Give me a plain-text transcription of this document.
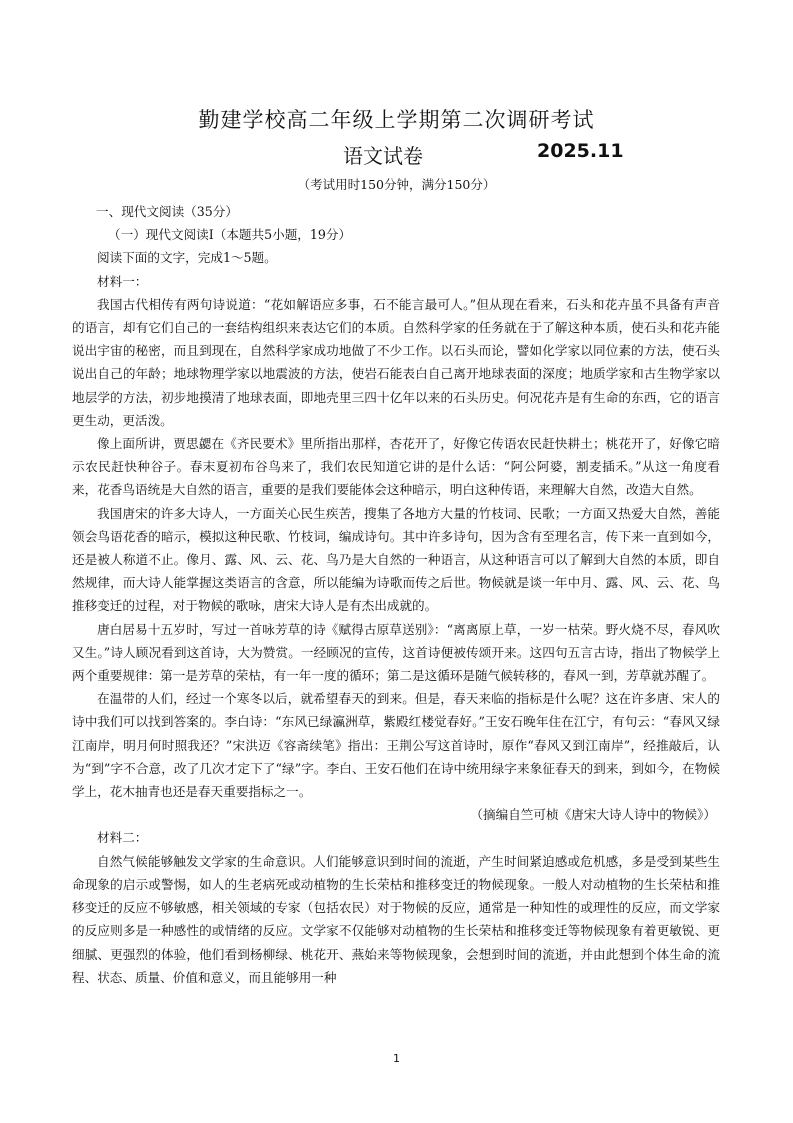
勤建学校高二年级上学期第二次调研考试
语文试卷	2025.11
（考试用时150分钟，满分150分）

一、现代文阅读（35分）

（一）现代文阅读Ⅰ（本题共5小题，19分）

阅读下面的文字，完成1～5题。

材料一：

我国古代相传有两句诗说道：“花如解语应多事，石不能言最可人。”但从现在看来，石头和花卉虽不具备有声音的语言，却有它们自己的一套结构组织来表达它们的本质。自然科学家的任务就在于了解这种本质，使石头和花卉能说出宇宙的秘密，而且到现在，自然科学家成功地做了不少工作。以石头而论，譬如化学家以同位素的方法，使石头说出自己的年龄；地球物理学家以地震波的方法，使岩石能表白自己离开地球表面的深度；地质学家和古生物学家以地层学的方法，初步地摸清了地球表面，即地壳里三四十亿年以来的石头历史。何况花卉是有生命的东西，它的语言更生动，更活泼。

像上面所讲，贾思勰在《齐民要术》里所指出那样，杏花开了，好像它传语农民赶快耕土；桃花开了，好像它暗示农民赶快种谷子。春末夏初布谷鸟来了，我们农民知道它讲的是什么话：“阿公阿婆，割麦插禾。”从这一角度看来，花香鸟语统是大自然的语言，重要的是我们要能体会这种暗示，明白这种传语，来理解大自然，改造大自然。

我国唐宋的许多大诗人，一方面关心民生疾苦，搜集了各地方大量的竹枝词、民歌；一方面又热爱大自然，善能领会鸟语花香的暗示，模拟这种民歌、竹枝词，编成诗句。其中许多诗句，因为含有至理名言，传下来一直到如今，还是被人称道不止。像月、露、风、云、花、鸟乃是大自然的一种语言，从这种语言可以了解到大自然的本质，即自然规律，而大诗人能掌握这类语言的含意，所以能编为诗歌而传之后世。物候就是谈一年中月、露、风、云、花、鸟推移变迁的过程，对于物候的歌咏，唐宋大诗人是有杰出成就的。

唐白居易十五岁时，写过一首咏芳草的诗《赋得古原草送别》：“离离原上草，一岁一枯荣。野火烧不尽，春风吹又生。”诗人顾况看到这首诗，大为赞赏。一经顾况的宣传，这首诗便被传颂开来。这四句五言古诗，指出了物候学上两个重要规律：第一是芳草的荣枯，有一年一度的循环；第二是这循环是随气候转移的，春风一到，芳草就苏醒了。

在温带的人们，经过一个寒冬以后，就希望春天的到来。但是，春天来临的指标是什么呢？这在许多唐、宋人的诗中我们可以找到答案的。李白诗：“东风已绿瀛洲草，紫殿红楼觉春好。”王安石晚年住在江宁，有句云：“春风又绿江南岸，明月何时照我还？”宋洪迈《容斋续笔》指出：王荆公写这首诗时，原作“春风又到江南岸”，经推敲后，认为“到”字不合意，改了几次才定下了“绿”字。李白、王安石他们在诗中统用绿字来象征春天的到来，到如今，在物候学上，花木抽青也还是春天重要指标之一。

（摘编自竺可桢《唐宋大诗人诗中的物候》）

材料二：

自然气候能够触发文学家的生命意识。人们能够意识到时间的流逝，产生时间紧迫感或危机感，多是受到某些生命现象的启示或警惕，如人的生老病死或动植物的生长荣枯和推移变迁的物候现象。一般人对动植物的生长荣枯和推移变迁的反应不够敏感，相关领域的专家（包括农民）对于物候的反应，通常是一种知性的或理性的反应，而文学家的反应则多是一种感性的或情绪的反应。文学家不仅能够对动植物的生长荣枯和推移变迁等物候现象有着更敏锐、更细腻、更强烈的体验，他们看到杨柳绿、桃花开、燕始来等物候现象，会想到时间的流逝，并由此想到个体生命的流程、状态、质量、价值和意义，而且能够用一种

1
